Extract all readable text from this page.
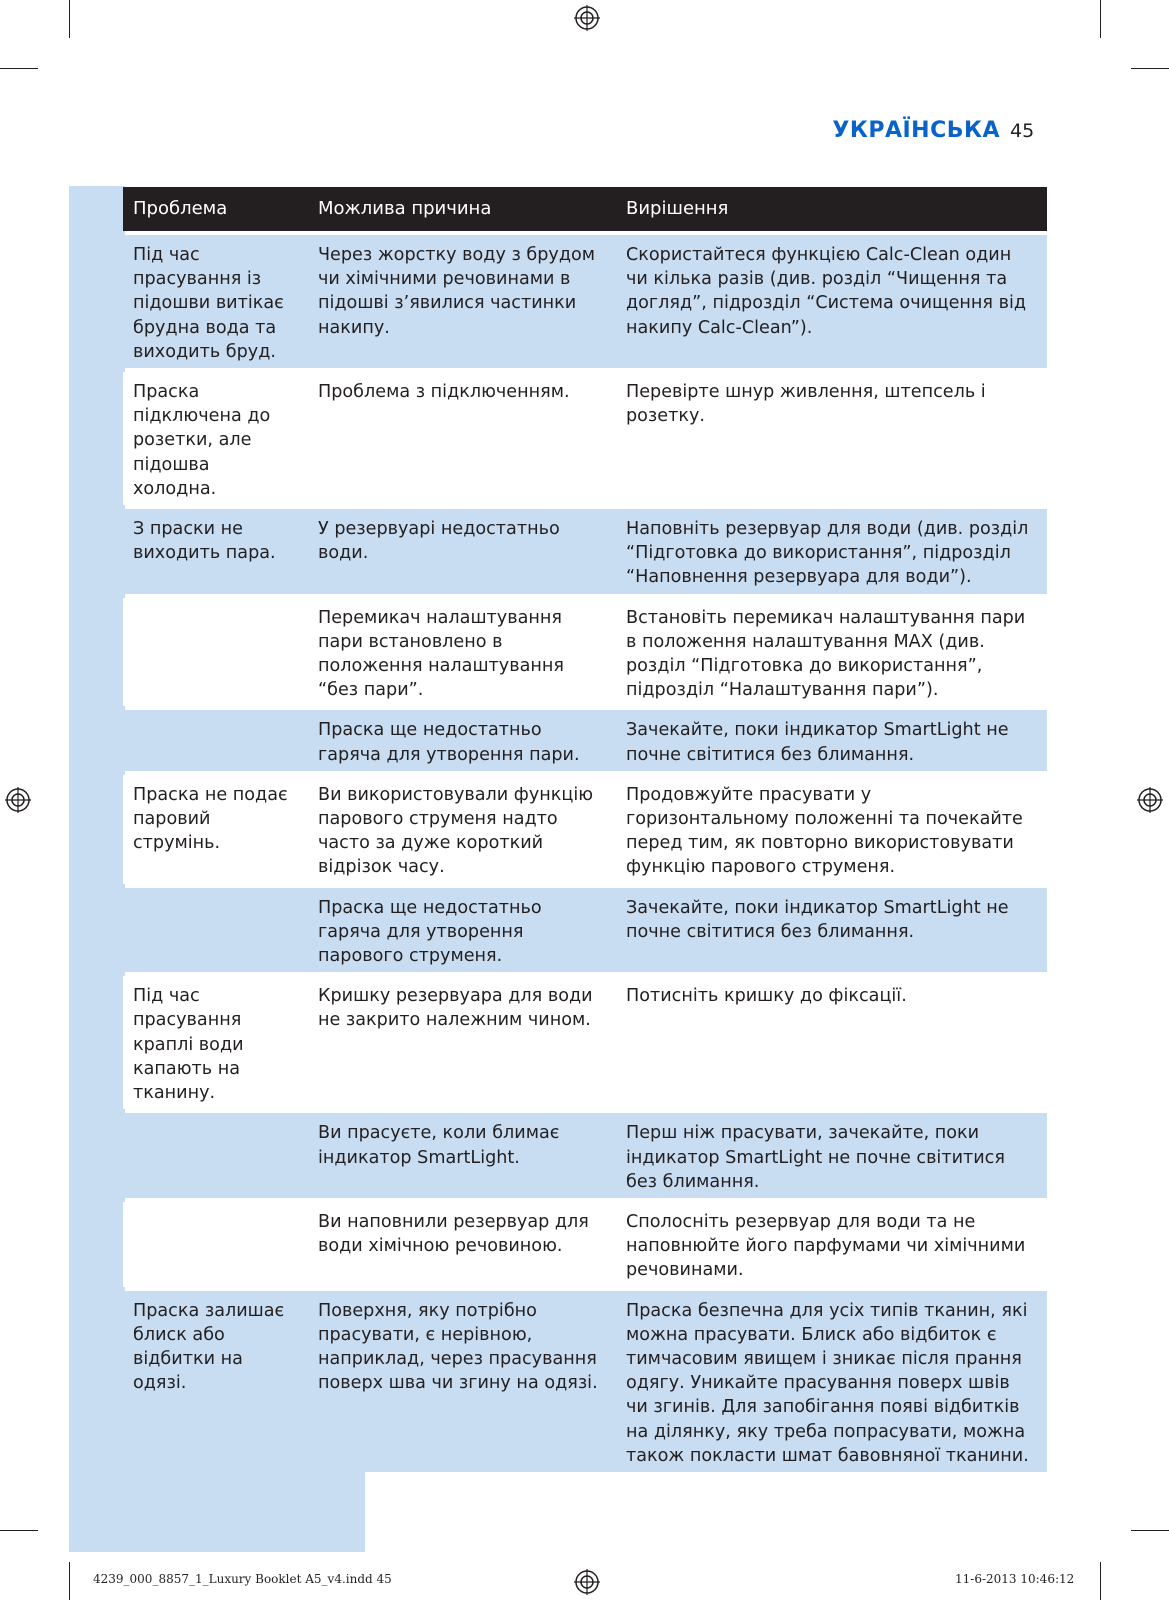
УКРАЇНСЬКА 45
Проблема	Можлива причина	Вирішення
Під час прасування із підошви витікає брудна вода та виходить бруд.	Через жорстку воду з брудом чи хімічними речовинами в підошві з’явилися частинки накипу.	Скористайтеся функцією Calc-Clean один чи кілька разів (див. розділ “Чищення та догляд”, підрозділ “Система очищення від накипу Calc-Clean”).
Праска підключена до розетки, але підошва холодна.	Проблема з підключенням.	Перевірте шнур живлення, штепсель і розетку.
З праски не виходить пара.	У резервуарі недостатньо води.	Наповніть резервуар для води (див. розділ “Підготовка до використання”, підрозділ “Наповнення резервуара для води”).
	Перемикач налаштування пари встановлено в положення налаштування “без пари”.	Встановіть перемикач налаштування пари в положення налаштування MAX (див. розділ “Підготовка до використання”, підрозділ “Налаштування пари”).
	Праска ще недостатньо гаряча для утворення пари.	Зачекайте, поки індикатор SmartLight не почне світитися без блимання.
Праска не подає паровий струмінь.	Ви використовували функцію парового струменя надто часто за дуже короткий відрізок часу.	Продовжуйте прасувати у горизонтальному положенні та почекайте перед тим, як повторно використовувати функцію парового струменя.
	Праска ще недостатньо гаряча для утворення парового струменя.	Зачекайте, поки індикатор SmartLight не почне світитися без блимання.
Під час прасування краплі води капають на тканину.	Кришку резервуара для води не закрито належним чином.	Потисніть кришку до фіксації.
	Ви прасуєте, коли блимає індикатор SmartLight.	Перш ніж прасувати, зачекайте, поки індикатор SmartLight не почне світитися без блимання.
	Ви наповнили резервуар для води хімічною речовиною.	Сполосніть резервуар для води та не наповнюйте його парфумами чи хімічними речовинами.
Праска залишає блиск або відбитки на одязі.	Поверхня, яку потрібно прасувати, є нерівною, наприклад, через прасування поверх шва чи згину на одязі.	Праска безпечна для усіх типів тканин, які можна прасувати. Блиск або відбиток є тимчасовим явищем і зникає після прання одягу. Уникайте прасування поверх швів чи згинів. Для запобігання появі відбитків на ділянку, яку треба попрасувати, можна також покласти шмат бавовняної тканини.
4239_000_8857_1_Luxury Booklet A5_v4.indd 45	11-6-2013 10:46:12
